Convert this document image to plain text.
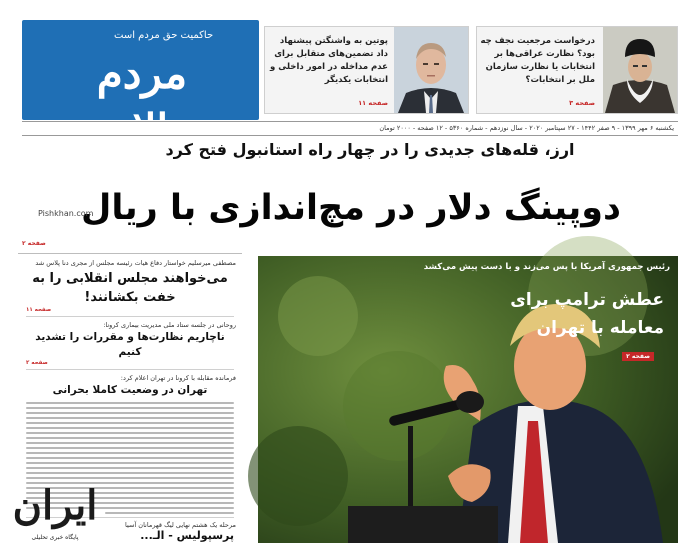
حاکمیت حق مردم است
مردم سالاری
پوتین به واشنگتن پیشنهاد داد تضمین‌های متقابل برای عدم مداخله در امور داخلی و انتخابات یکدیگر
صفحه ۱۱
درخواست مرجعیت نجف چه بود؟ نظارت عراقی‌ها بر انتخابات یا نظارت سازمان ملل بر انتخابات؟
صفحه ۳
یکشنبه ۶ مهر ۱۳۹۹ - ۹ صفر ۱۴۴۲ - ۲۷ سپتامبر ۲۰۲۰ - سال نوزدهم - شماره ۵۳۶۰ - ۱۲ صفحه - ۲۰۰۰ تومان
ارز، قله‌های جدیدی را در چهار راه استانبول فتح کرد
دوپینگ دلار در مچ‌اندازی با ریال
Pishkhan.com
صفحه ۲
مصطفی میرسلیم خواستار دفاع هیات رئیسه مجلس از مجری دنا پلاس شد
می‌خواهند مجلس انقلابی را به خفت بکشانند!
صفحه ۱۱
روحانی در جلسه ستاد ملی مدیریت بیماری کرونا:
ناچاریم نظارت‌ها و مقررات را تشدید کنیم
صفحه ۲
فرمانده مقابله با کرونا در تهران اعلام کرد:
تهران در وضعیت کاملا بحرانی
مرحله یک هشتم نهایی لیگ قهرمانان آسیا
پرسپولیس - الـ...
رئیس جمهوری آمریکا با پس می‌زند و با دست پیش می‌کشد
عطش ترامپ برای معامله با تهران
صفحه ۲
ایران
پایگاه خبری تحلیلی
